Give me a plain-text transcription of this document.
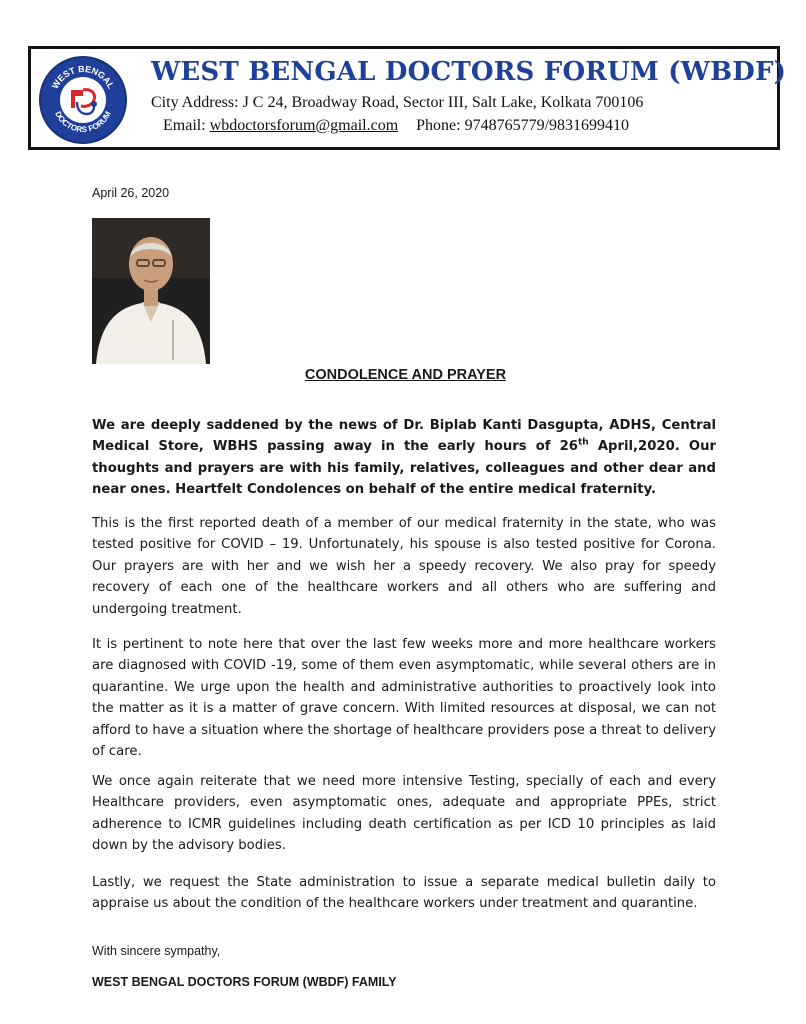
WEST BENGAL
DOCTORS FORUM
WEST BENGAL DOCTORS FORUM (WBDF)
City Address: J C 24, Broadway Road, Sector III, Salt Lake, Kolkata 700106
Email: wbdoctorsforum@gmail.com Phone: 9748765779/9831699410
April 26, 2020
CONDOLENCE AND PRAYER
We are deeply saddened by the news of Dr. Biplab Kanti Dasgupta, ADHS, Central Medical Store, WBHS passing away in the early hours of 26th April,2020. Our thoughts and prayers are with his family, relatives, colleagues and other dear and near ones. Heartfelt Condolences on behalf of the entire medical fraternity.
This is the first reported death of a member of our medical fraternity in the state, who was tested positive for COVID – 19. Unfortunately, his spouse is also tested positive for Corona. Our prayers are with her and we wish her a speedy recovery. We also pray for speedy recovery of each one of the healthcare workers and all others who are suffering and undergoing treatment.
It is pertinent to note here that over the last few weeks more and more healthcare workers are diagnosed with COVID -19, some of them even asymptomatic, while several others are in quarantine. We urge upon the health and administrative authorities to proactively look into the matter as it is a matter of grave concern. With limited resources at disposal, we can not afford to have a situation where the shortage of healthcare providers pose a threat to delivery of care.
We once again reiterate that we need more intensive Testing, specially of each and every Healthcare providers, even asymptomatic ones, adequate and appropriate PPEs, strict adherence to ICMR guidelines including death certification as per ICD 10 principles as laid down by the advisory bodies.
Lastly, we request the State administration to issue a separate medical bulletin daily to appraise us about the condition of the healthcare workers under treatment and quarantine.
With sincere sympathy,
WEST BENGAL DOCTORS FORUM (WBDF) FAMILY
